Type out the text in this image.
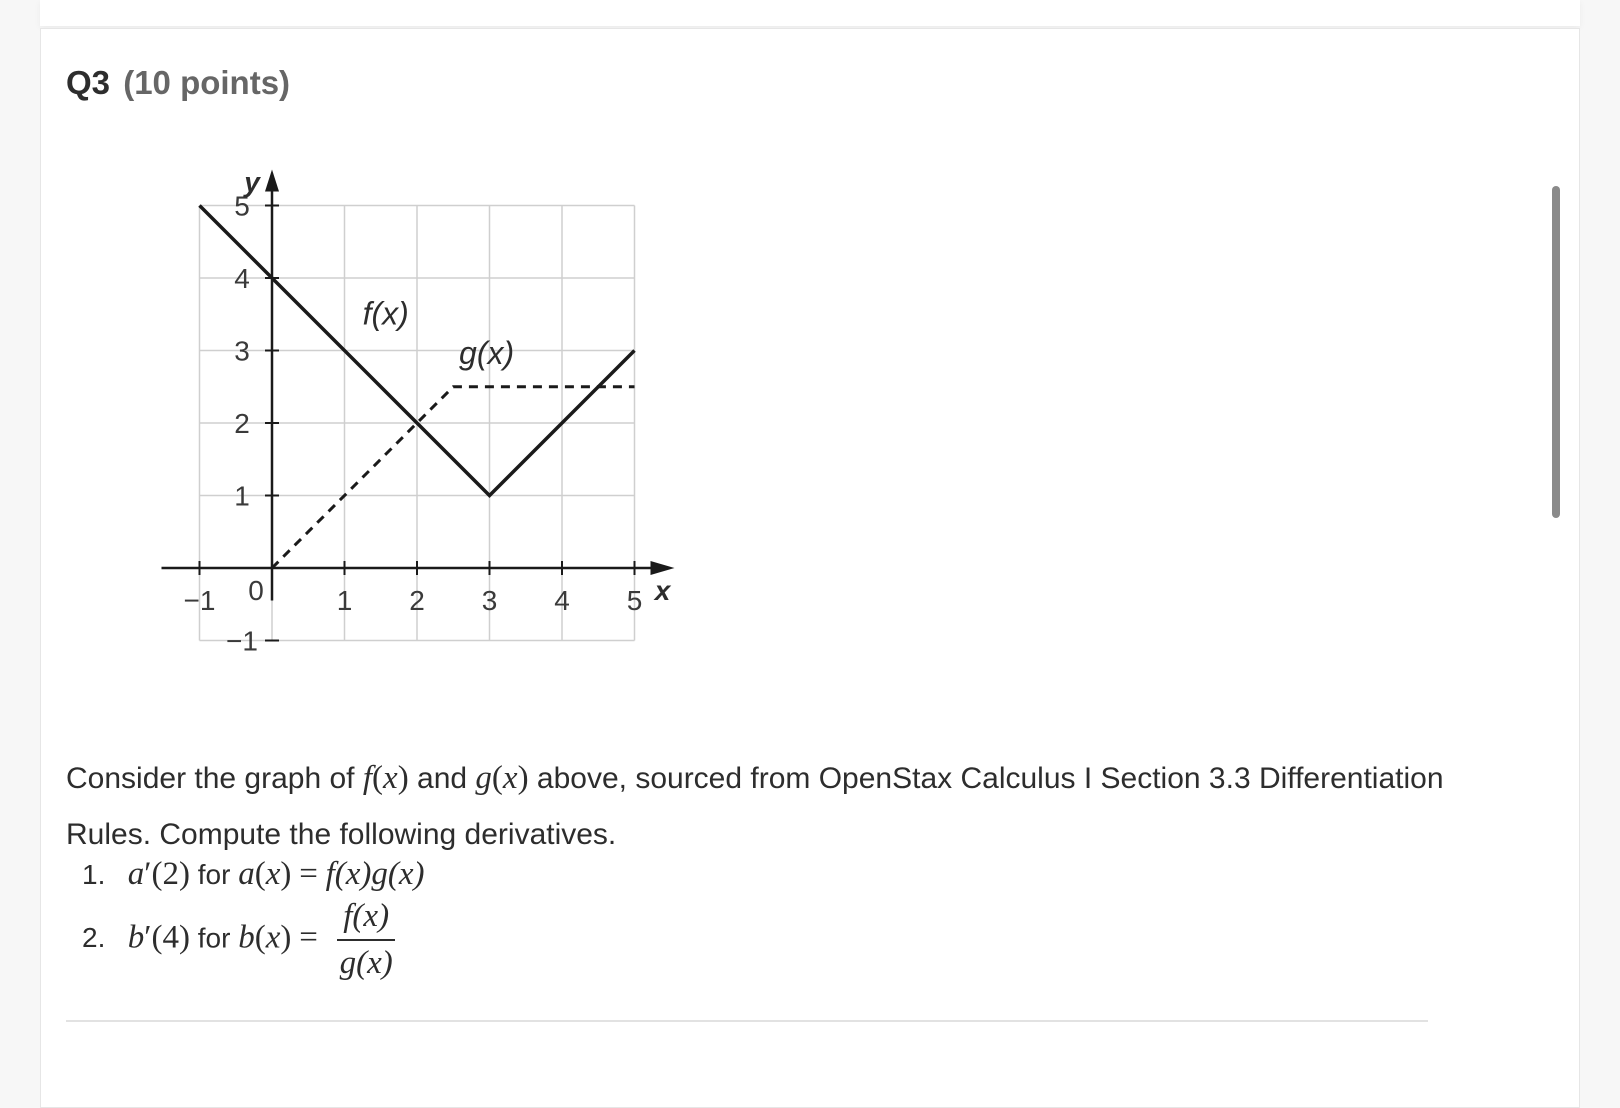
Q3 (10 points)
−1 0	1 2 3 4 5
−1
1
2
3
4
5
x
y
f(x)
g(x)
Consider the graph of f(x) and g(x) above, sourced from OpenStax Calculus I Section 3.3 Differentiation Rules. Compute the following derivatives.
1. a′(2) for a(x) = f(x)g(x)
2. b′(4) for $b(x) = \frac{f(x)}{g(x)}$
